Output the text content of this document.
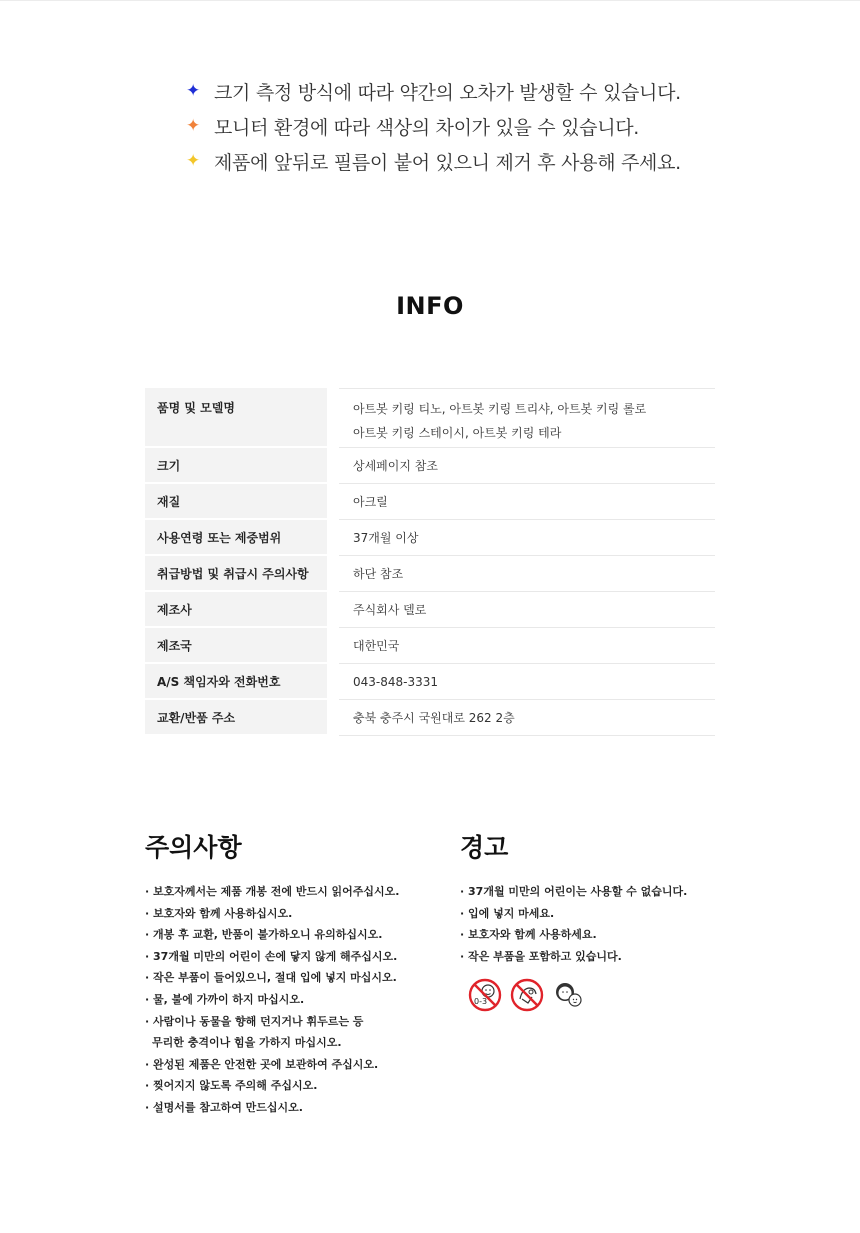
✦ 크기 측정 방식에 따라 약간의 오차가 발생할 수 있습니다.
✦ 모니터 환경에 따라 색상의 차이가 있을 수 있습니다.
✦ 제품에 앞뒤로 필름이 붙어 있으니 제거 후 사용해 주세요.
INFO
품명 및 모델명	아트봇 키링 티노, 아트봇 키링 트리샤, 아트봇 키링 롤로
아트봇 키링 스테이시, 아트봇 키링 테라
크기	상세페이지 참조
재질	아크릴
사용연령 또는 제중범위	37개월 이상
취급방법 및 취급시 주의사항	하단 참조
제조사	주식회사 델로
제조국	대한민국
A/S 책임자와 전화번호	043-848-3331
교환/반품 주소	충북 충주시 국원대로 262 2층
주의사항
· 보호자께서는 제품 개봉 전에 반드시 읽어주십시오.
· 보호자와 함께 사용하십시오.
· 개봉 후 교환, 반품이 불가하오니 유의하십시오.
· 37개월 미만의 어린이 손에 닿지 않게 해주십시오.
· 작은 부품이 들어있으니, 절대 입에 넣지 마십시오.
· 물, 불에 가까이 하지 마십시오.
· 사람이나 동물을 향해 던지거나 휘두르는 등
무리한 충격이나 힘을 가하지 마십시오.
· 완성된 제품은 안전한 곳에 보관하여 주십시오.
· 찢어지지 않도록 주의해 주십시오.
· 설명서를 참고하여 만드십시오.
경고
· 37개월 미만의 어린이는 사용할 수 없습니다.
· 입에 넣지 마세요.
· 보호자와 함께 사용하세요.
· 작은 부품을 포함하고 있습니다.
0-3
